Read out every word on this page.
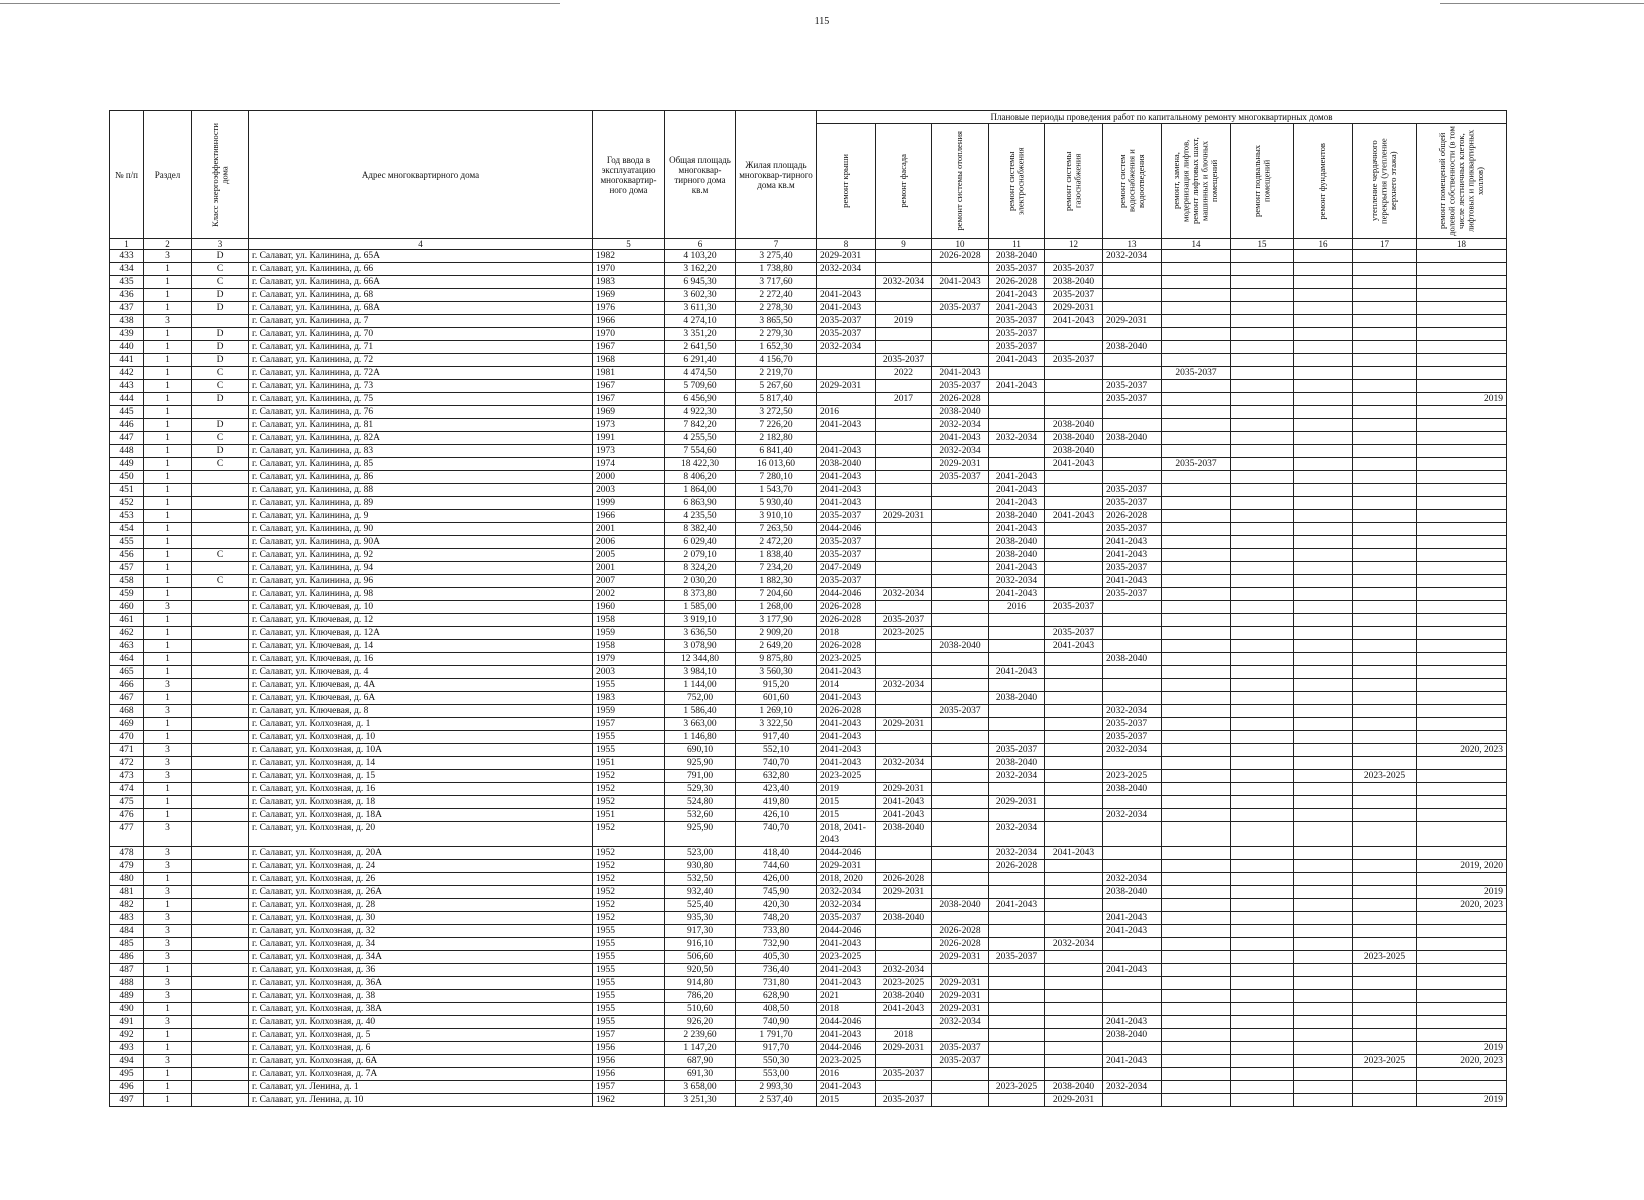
115
№ п/п	Раздел	Класс энергоэффективности дома	Адрес многоквартирного дома	Год ввода в эксплуатацию многоквартир-ного дома	Общая площадь многоквар-тирного дома кв.м	Жилая площадь многоквар-тирного дома кв.м	Плановые периоды проведения работ по капитальному ремонту многоквартирных домов										

							ремонт крыши	ремонт фасада	ремонт системы отопления	ремонт системы электроснабжения	ремонт системы газоснабжения	ремонт систем водоснабжения и водоотведения	ремонт, замена, модернизация лифтов, ремонт лифтовых шахт, машинных и блочных помещений	ремонт подвальных помещений	ремонт фундаментов	утепление чердачного перекрытия (утепление верхнего этажа)	ремонт помещений общей долевой собственности (в том числе лестничных клеток, лифтовых и приквартирных холлов)

1	2	3	4	5	6	7	8	9	10	11	12	13	14	15	16	17	18
433	3	D	г. Салават, ул. Калинина, д. 65А	1982	4 103,20	3 275,40	2029-2031		2026-2028	2038-2040		2032-2034					
434	1	C	г. Салават, ул. Калинина, д. 66	1970	3 162,20	1 738,80	2032-2034			2035-2037	2035-2037						
435	1	C	г. Салават, ул. Калинина, д. 66А	1983	6 945,30	3 717,60		2032-2034	2041-2043	2026-2028	2038-2040						
436	1	D	г. Салават, ул. Калинина, д. 68	1969	3 602,30	2 272,40	2041-2043			2041-2043	2035-2037						
437	1	D	г. Салават, ул. Калинина, д. 68А	1976	3 611,30	2 278,30	2041-2043		2035-2037	2041-2043	2029-2031						
438	3		г. Салават, ул. Калинина, д. 7	1966	4 274,10	3 865,50	2035-2037	2019		2035-2037	2041-2043	2029-2031					
439	1	D	г. Салават, ул. Калинина, д. 70	1970	3 351,20	2 279,30	2035-2037			2035-2037							
440	1	D	г. Салават, ул. Калинина, д. 71	1967	2 641,50	1 652,30	2032-2034			2035-2037		2038-2040					
441	1	D	г. Салават, ул. Калинина, д. 72	1968	6 291,40	4 156,70		2035-2037		2041-2043	2035-2037						
442	1	C	г. Салават, ул. Калинина, д. 72А	1981	4 474,50	2 219,70		2022	2041-2043				2035-2037				
443	1	C	г. Салават, ул. Калинина, д. 73	1967	5 709,60	5 267,60	2029-2031		2035-2037	2041-2043		2035-2037					
444	1	D	г. Салават, ул. Калинина, д. 75	1967	6 456,90	5 817,40		2017	2026-2028			2035-2037					2019
445	1		г. Салават, ул. Калинина, д. 76	1969	4 922,30	3 272,50	2016		2038-2040								
446	1	D	г. Салават, ул. Калинина, д. 81	1973	7 842,20	7 226,20	2041-2043		2032-2034		2038-2040						
447	1	C	г. Салават, ул. Калинина, д. 82А	1991	4 255,50	2 182,80			2041-2043	2032-2034	2038-2040	2038-2040					
448	1	D	г. Салават, ул. Калинина, д. 83	1973	7 554,60	6 841,40	2041-2043		2032-2034		2038-2040						
449	1	C	г. Салават, ул. Калинина, д. 85	1974	18 422,30	16 013,60	2038-2040		2029-2031		2041-2043		2035-2037				
450	1		г. Салават, ул. Калинина, д. 86	2000	8 406,20	7 280,10	2041-2043		2035-2037	2041-2043							
451	1		г. Салават, ул. Калинина, д. 88	2003	1 864,00	1 543,70	2041-2043			2041-2043		2035-2037					
452	1		г. Салават, ул. Калинина, д. 89	1999	6 863,90	5 930,40	2041-2043			2041-2043		2035-2037					
453	1		г. Салават, ул. Калинина, д. 9	1966	4 235,50	3 910,10	2035-2037	2029-2031		2038-2040	2041-2043	2026-2028					
454	1		г. Салават, ул. Калинина, д. 90	2001	8 382,40	7 263,50	2044-2046			2041-2043		2035-2037					
455	1		г. Салават, ул. Калинина, д. 90А	2006	6 029,40	2 472,20	2035-2037			2038-2040		2041-2043					
456	1	C	г. Салават, ул. Калинина, д. 92	2005	2 079,10	1 838,40	2035-2037			2038-2040		2041-2043					
457	1		г. Салават, ул. Калинина, д. 94	2001	8 324,20	7 234,20	2047-2049			2041-2043		2035-2037					
458	1	C	г. Салават, ул. Калинина, д. 96	2007	2 030,20	1 882,30	2035-2037			2032-2034		2041-2043					
459	1		г. Салават, ул. Калинина, д. 98	2002	8 373,80	7 204,60	2044-2046	2032-2034		2041-2043		2035-2037					
460	3		г. Салават, ул. Ключевая, д. 10	1960	1 585,00	1 268,00	2026-2028			2016	2035-2037						
461	1		г. Салават, ул. Ключевая, д. 12	1958	3 919,10	3 177,90	2026-2028	2035-2037									
462	1		г. Салават, ул. Ключевая, д. 12А	1959	3 636,50	2 909,20	2018	2023-2025			2035-2037						
463	1		г. Салават, ул. Ключевая, д. 14	1958	3 078,90	2 649,20	2026-2028		2038-2040		2041-2043						
464	1		г. Салават, ул. Ключевая, д. 16	1979	12 344,80	9 875,80	2023-2025					2038-2040					
465	1		г. Салават, ул. Ключевая, д. 4	2003	3 984,10	3 560,30	2041-2043			2041-2043							
466	3		г. Салават, ул. Ключевая, д. 4А	1955	1 144,00	915,20	2014	2032-2034									
467	1		г. Салават, ул. Ключевая, д. 6А	1983	752,00	601,60	2041-2043			2038-2040							
468	3		г. Салават, ул. Ключевая, д. 8	1959	1 586,40	1 269,10	2026-2028		2035-2037			2032-2034					
469	1		г. Салават, ул. Колхозная, д. 1	1957	3 663,00	3 322,50	2041-2043	2029-2031				2035-2037					
470	1		г. Салават, ул. Колхозная, д. 10	1955	1 146,80	917,40	2041-2043					2035-2037					
471	3		г. Салават, ул. Колхозная, д. 10А	1955	690,10	552,10	2041-2043			2035-2037		2032-2034					2020, 2023
472	3		г. Салават, ул. Колхозная, д. 14	1951	925,90	740,70	2041-2043	2032-2034		2038-2040							
473	3		г. Салават, ул. Колхозная, д. 15	1952	791,00	632,80	2023-2025			2032-2034		2023-2025				2023-2025	
474	1		г. Салават, ул. Колхозная, д. 16	1952	529,30	423,40	2019	2029-2031				2038-2040					
475	1		г. Салават, ул. Колхозная, д. 18	1952	524,80	419,80	2015	2041-2043		2029-2031							
476	1		г. Салават, ул. Колхозная, д. 18А	1951	532,60	426,10	2015	2041-2043				2032-2034					
477	3		г. Салават, ул. Колхозная, д. 20	1952	925,90	740,70	2018, 2041-2043	2038-2040		2032-2034							
478	3		г. Салават, ул. Колхозная, д. 20А	1952	523,00	418,40	2044-2046			2032-2034	2041-2043						
479	3		г. Салават, ул. Колхозная, д. 24	1952	930,80	744,60	2029-2031			2026-2028							2019, 2020
480	1		г. Салават, ул. Колхозная, д. 26	1952	532,50	426,00	2018, 2020	2026-2028				2032-2034					
481	3		г. Салават, ул. Колхозная, д. 26А	1952	932,40	745,90	2032-2034	2029-2031				2038-2040					2019
482	1		г. Салават, ул. Колхозная, д. 28	1952	525,40	420,30	2032-2034		2038-2040	2041-2043							2020, 2023
483	3		г. Салават, ул. Колхозная, д. 30	1952	935,30	748,20	2035-2037	2038-2040				2041-2043					
484	3		г. Салават, ул. Колхозная, д. 32	1955	917,30	733,80	2044-2046		2026-2028			2041-2043					
485	3		г. Салават, ул. Колхозная, д. 34	1955	916,10	732,90	2041-2043		2026-2028		2032-2034						
486	3		г. Салават, ул. Колхозная, д. 34А	1955	506,60	405,30	2023-2025		2029-2031	2035-2037						2023-2025	
487	1		г. Салават, ул. Колхозная, д. 36	1955	920,50	736,40	2041-2043	2032-2034				2041-2043					
488	3		г. Салават, ул. Колхозная, д. 36А	1955	914,80	731,80	2041-2043	2023-2025	2029-2031								
489	3		г. Салават, ул. Колхозная, д. 38	1955	786,20	628,90	2021	2038-2040	2029-2031								
490	1		г. Салават, ул. Колхозная, д. 38А	1955	510,60	408,50	2018	2041-2043	2029-2031								
491	3		г. Салават, ул. Колхозная, д. 40	1955	926,20	740,90	2044-2046		2032-2034			2041-2043					
492	1		г. Салават, ул. Колхозная, д. 5	1957	2 239,60	1 791,70	2041-2043	2018				2038-2040					
493	1		г. Салават, ул. Колхозная, д. 6	1956	1 147,20	917,70	2044-2046	2029-2031	2035-2037								2019
494	3		г. Салават, ул. Колхозная, д. 6А	1956	687,90	550,30	2023-2025		2035-2037			2041-2043				2023-2025	2020, 2023
495	1		г. Салават, ул. Колхозная, д. 7А	1956	691,30	553,00	2016	2035-2037									
496	1		г. Салават, ул. Ленина, д. 1	1957	3 658,00	2 993,30	2041-2043			2023-2025	2038-2040	2032-2034					
497	1		г. Салават, ул. Ленина, д. 10	1962	3 251,30	2 537,40	2015	2035-2037			2029-2031						2019
